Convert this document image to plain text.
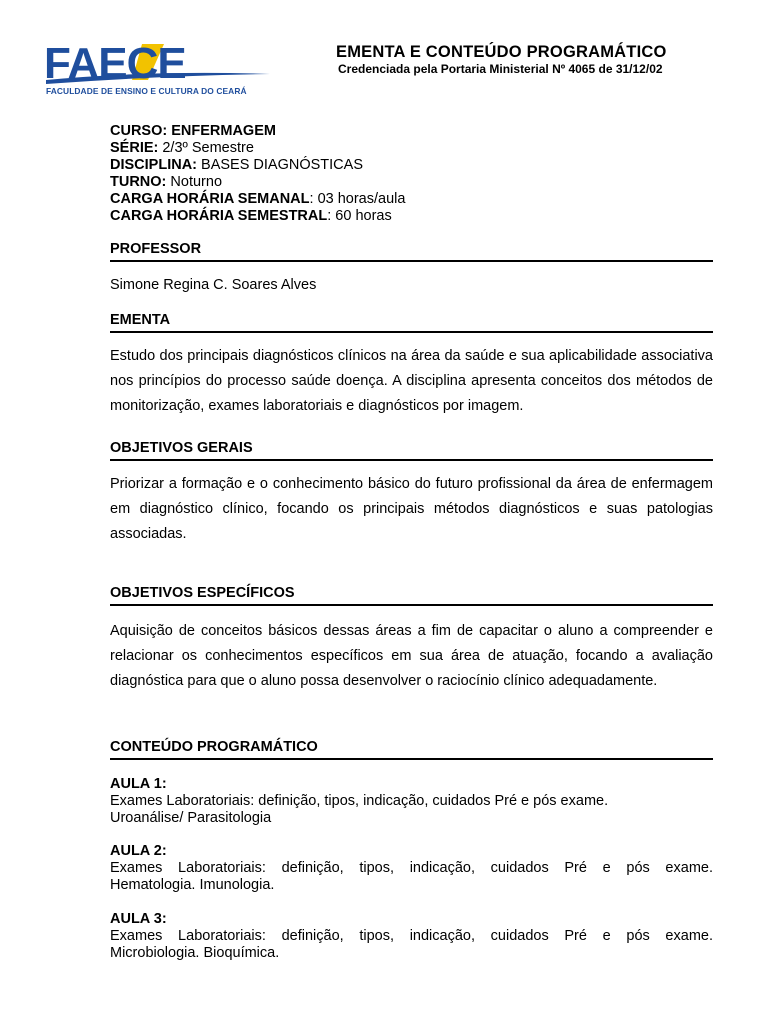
FAECE
FACULDADE DE ENSINO E CULTURA DO CEARÁ
EMENTA E CONTEÚDO PROGRAMÁTICO
Credenciada pela Portaria Ministerial Nº 4065 de 31/12/02
CURSO: ENFERMAGEM
SÉRIE: 2/3º Semestre
DISCIPLINA: BASES DIAGNÓSTICAS
TURNO: Noturno
CARGA HORÁRIA SEMANAL: 03 horas/aula
CARGA HORÁRIA SEMESTRAL: 60 horas
PROFESSOR
Simone Regina C. Soares Alves
EMENTA
Estudo dos principais diagnósticos clínicos na área da saúde e sua aplicabilidade associativa nos princípios do processo saúde doença. A disciplina apresenta conceitos dos métodos de monitorização, exames laboratoriais e diagnósticos por imagem.
OBJETIVOS GERAIS
Priorizar a formação e o conhecimento básico do futuro profissional da área de enfermagem em diagnóstico clínico, focando os principais métodos diagnósticos e suas patologias associadas.
OBJETIVOS ESPECÍFICOS
Aquisição de conceitos básicos dessas áreas a fim de capacitar o aluno a compreender e relacionar os conhecimentos específicos em sua área de atuação, focando a avaliação diagnóstica para que o aluno possa desenvolver o raciocínio clínico adequadamente.
CONTEÚDO PROGRAMÁTICO
AULA 1:
Exames Laboratoriais: definição, tipos, indicação, cuidados Pré e pós exame.
Uroanálise/ Parasitologia
AULA 2:
Exames Laboratoriais: definição, tipos, indicação, cuidados Pré e pós exame.
Hematologia. Imunologia.
AULA 3:
Exames Laboratoriais: definição, tipos, indicação, cuidados Pré e pós exame.
Microbiologia. Bioquímica.
